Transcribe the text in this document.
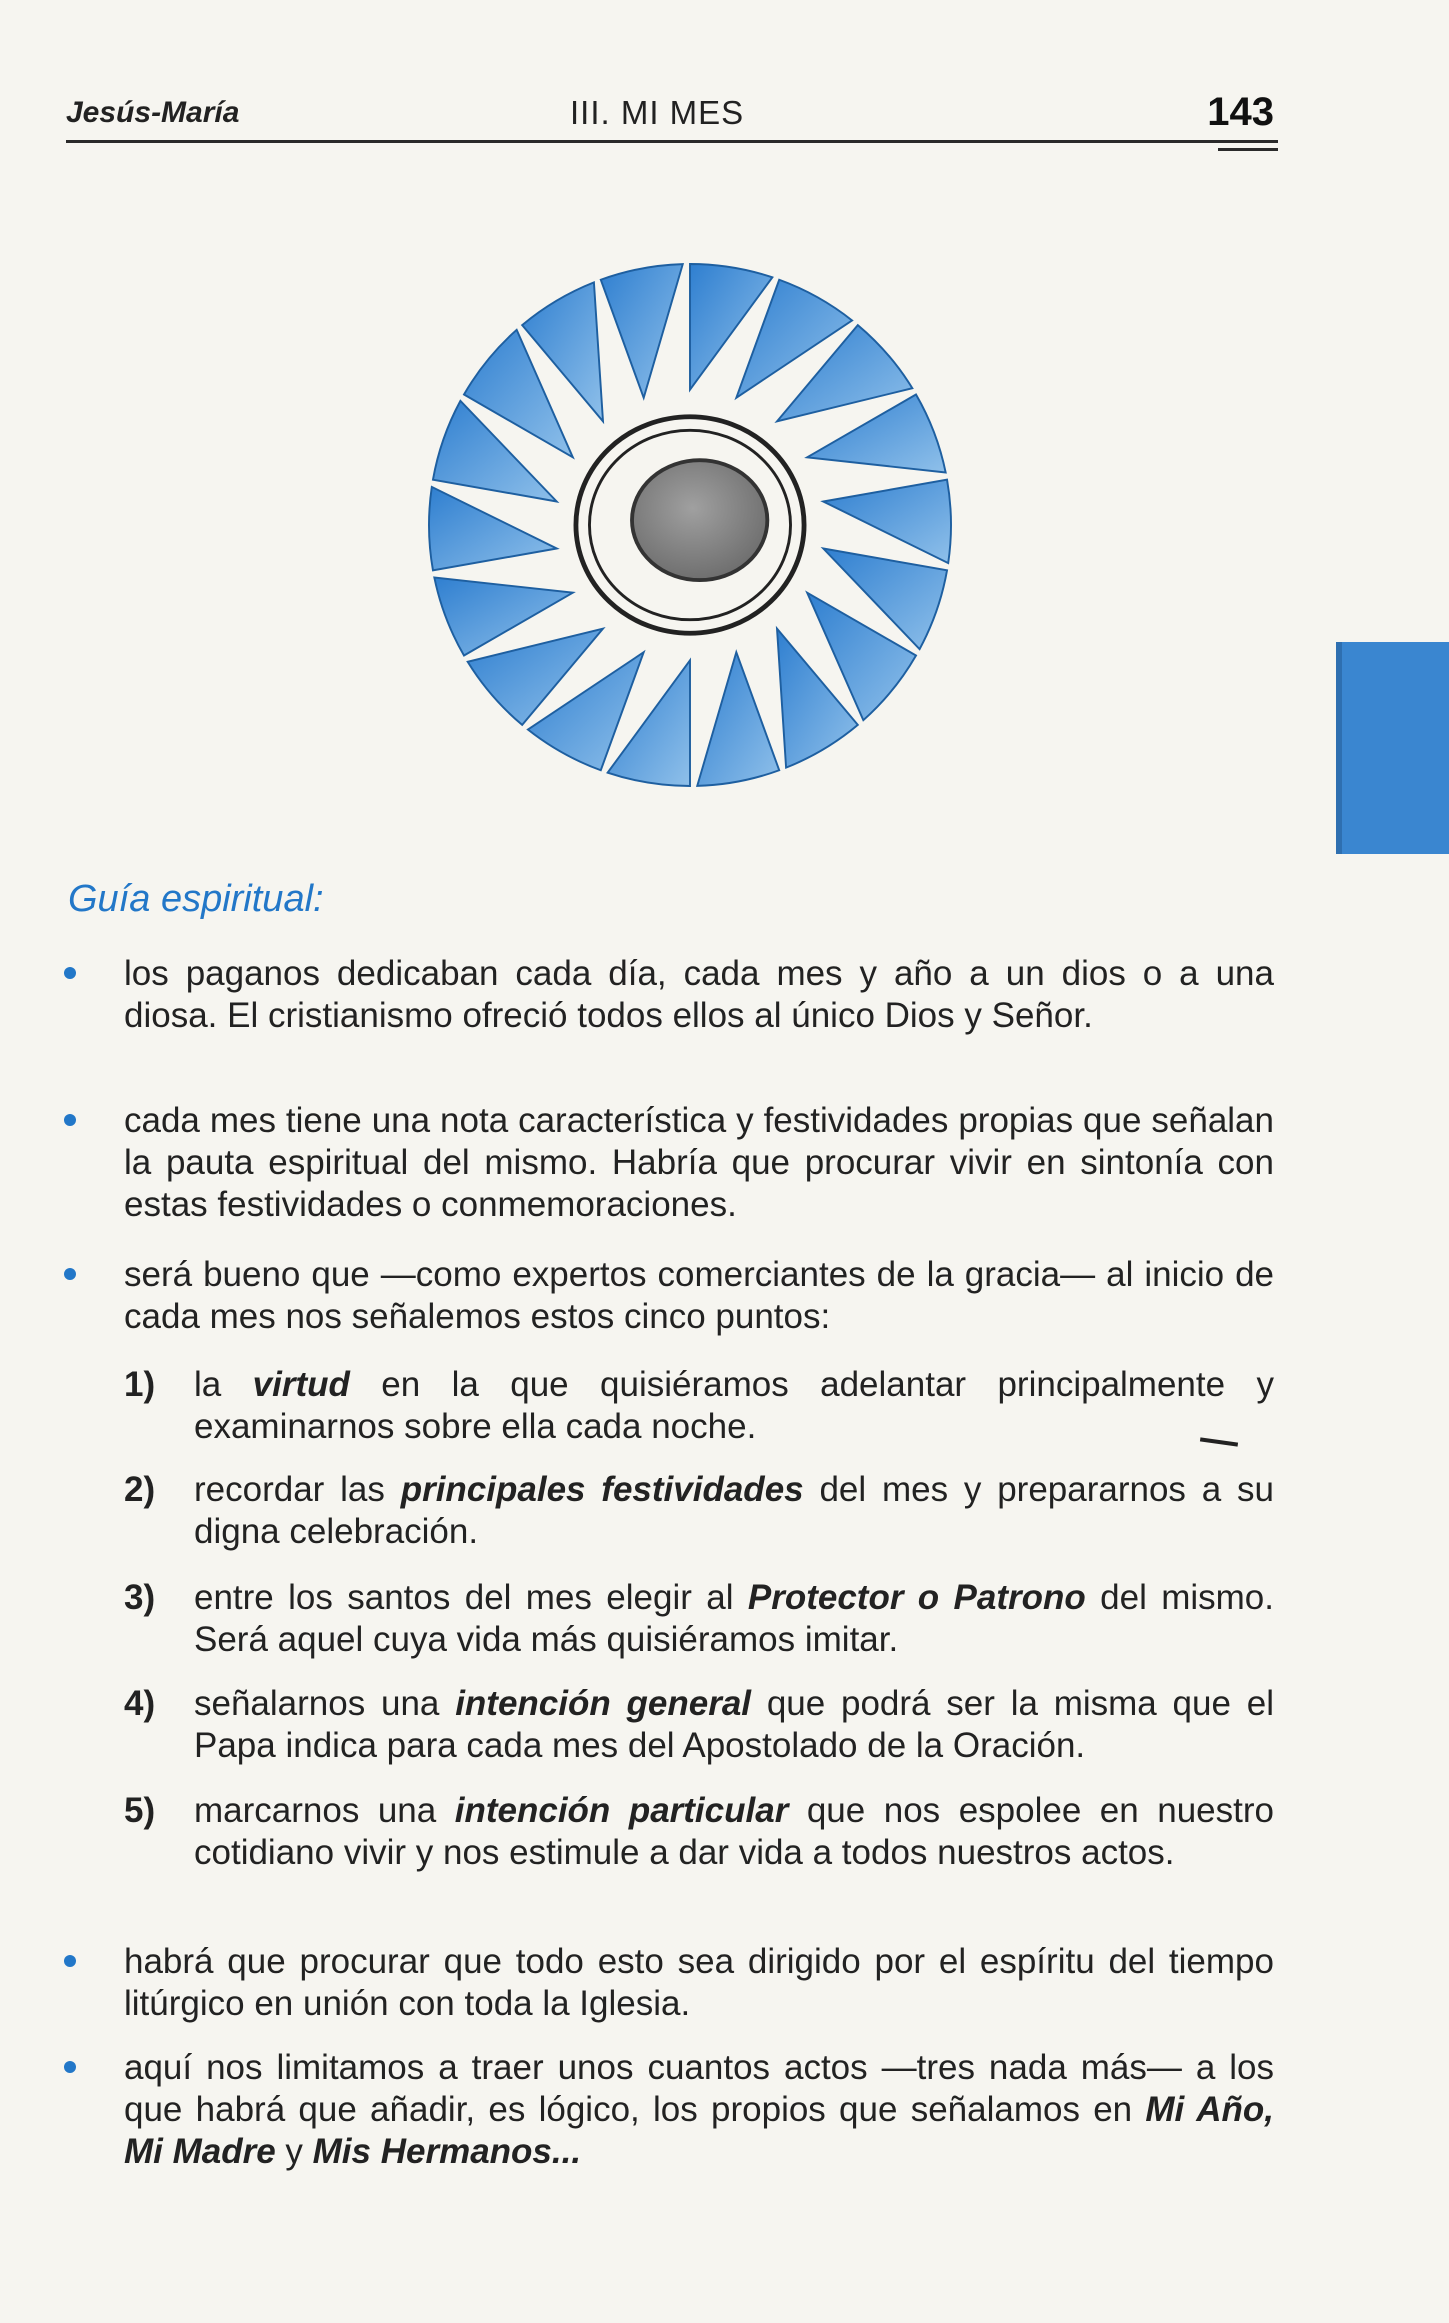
Jesús-María	III. MI MES	143
Guía espiritual:
los paganos dedicaban cada día, cada mes y año a un dios o a una diosa. El cristianismo ofreció todos ellos al único Dios y Señor.
cada mes tiene una nota característica y festividades propias que señalan la pauta espiritual del mismo. Habría que procurar vivir en sintonía con estas festividades o conmemoraciones.
será bueno que —como expertos comerciantes de la gracia— al inicio de cada mes nos señalemos estos cinco puntos:
1) la virtud en la que quisiéramos adelantar principalmente y examinarnos sobre ella cada noche.
2) recordar las principales festividades del mes y prepararnos a su digna celebración.
3) entre los santos del mes elegir al Protector o Patrono del mismo. Será aquel cuya vida más quisiéramos imitar.
4) señalarnos una intención general que podrá ser la misma que el Papa indica para cada mes del Apostolado de la Oración.
5) marcarnos una intención particular que nos espolee en nuestro cotidiano vivir y nos estimule a dar vida a todos nuestros actos.
habrá que procurar que todo esto sea dirigido por el espíritu del tiempo litúrgico en unión con toda la Iglesia.
aquí nos limitamos a traer unos cuantos actos —tres nada más— a los que habrá que añadir, es lógico, los propios que señalamos en Mi Año, Mi Madre y Mis Hermanos...
